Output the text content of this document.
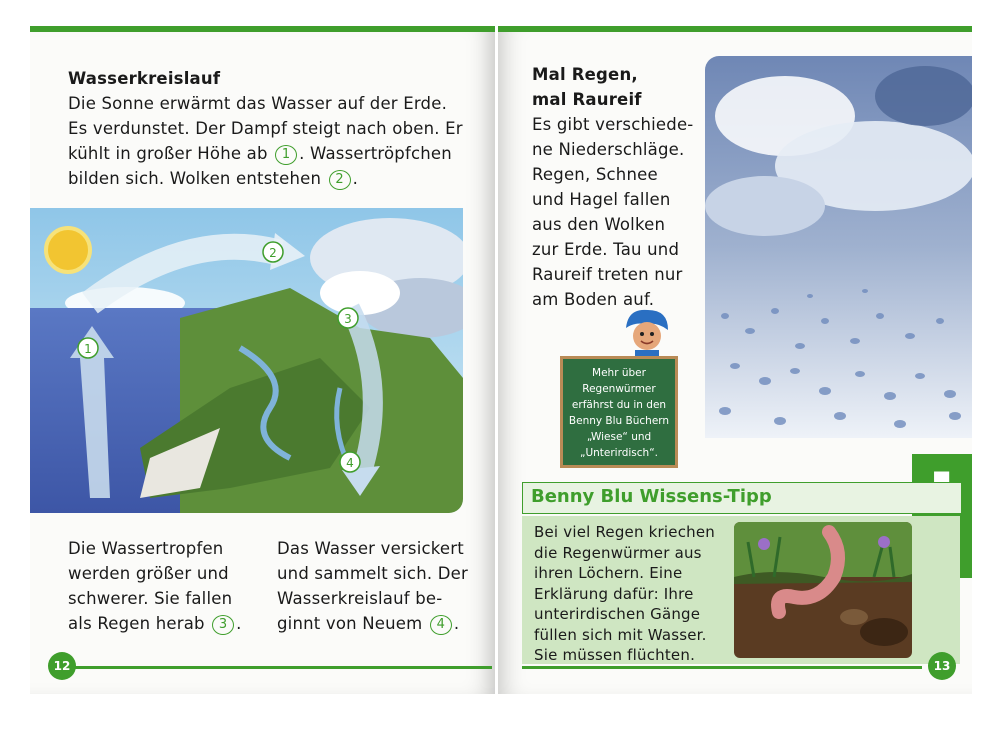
Wasserkreislauf
Die Sonne erwärmt das Wasser auf der Erde.
Es verdunstet. Der Dampf steigt nach oben. Er
kühlt in großer Höhe ab 1 . Wassertröpfchen
bilden sich. Wolken entstehen 2 .
1
2
3
4
Die Wassertropfen
werden größer und
schwerer. Sie fallen
als Regen herab 3 .
Das Wasser versickert
und sammelt sich. Der
Wasserkreislauf be-
ginnt von Neuem 4 .
12
Mal Regen,
mal Raureif
Es gibt verschiede-
ne Niederschläge.
Regen, Schnee
und Hagel fallen
aus den Wolken
zur Erde. Tau und
Raureif treten nur
am Boden auf.
Mehr über
Regenwürmer
erfährst du in den
Benny Blu Büchern
„Wiese“ und
„Unterirdisch“.
Benny Blu Wissens-Tipp
Bei viel Regen kriechen
die Regenwürmer aus
ihren Löchern. Eine
Erklärung dafür: Ihre
unterirdischen Gänge
füllen sich mit Wasser.
Sie müssen flüchten.
13
